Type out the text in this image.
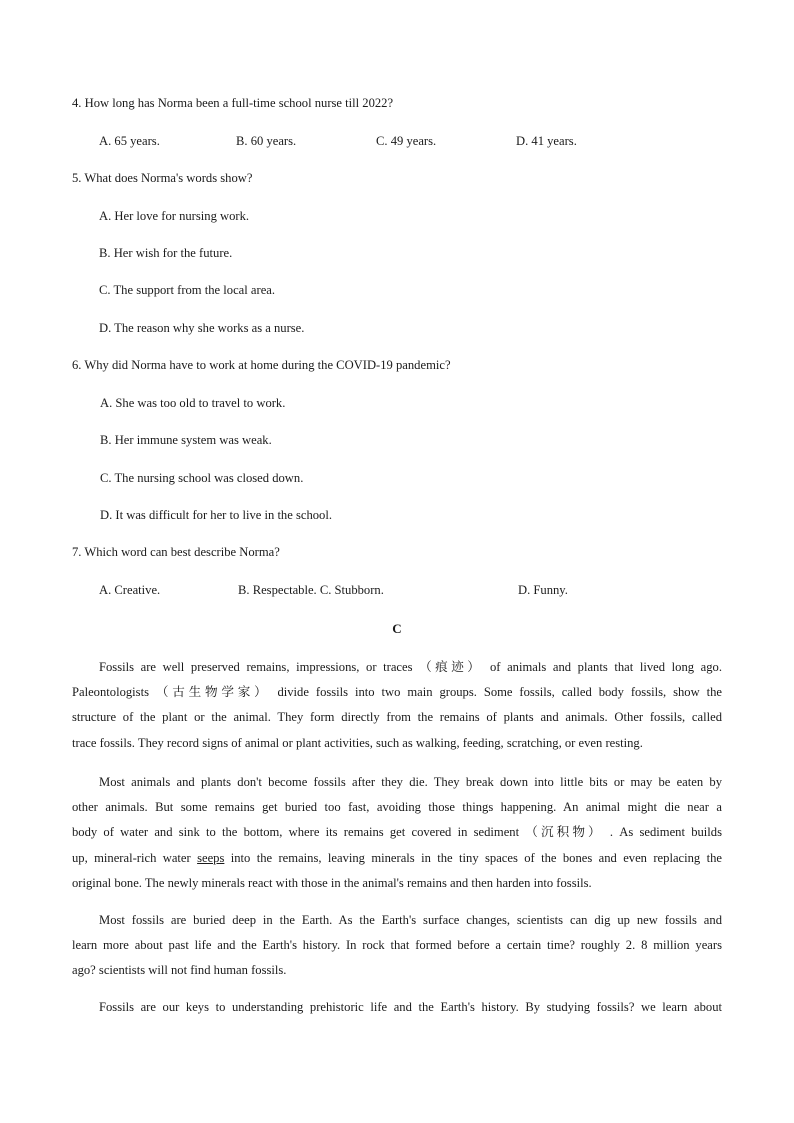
4. How long has Norma been a full-time school nurse till 2022?
A. 65 years.	B. 60 years.	C. 49 years.	D. 41 years.
5. What does Norma's words show?
A. Her love for nursing work.
B. Her wish for the future.
C. The support from the local area.
D. The reason why she works as a nurse.
6. Why did Norma have to work at home during the COVID-19 pandemic?
A. She was too old to travel to work.
B. Her immune system was weak.
C. The nursing school was closed down.
D. It was difficult for her to live in the school.
7. Which word can best describe Norma?
A. Creative.	B. Respectable. C. Stubborn.	D. Funny.
C
Fossils are well preserved remains, impressions, or traces （痕迹） of animals and plants that lived long ago.
Paleontologists （古生物学家） divide fossils into two main groups. Some fossils, called body fossils, show the
structure of the plant or the animal. They form directly from the remains of plants and animals. Other fossils, called
trace fossils. They record signs of animal or plant activities, such as walking, feeding, scratching, or even resting.
Most animals and plants don't become fossils after they die. They break down into little bits or may be eaten by
other animals. But some remains get buried too fast, avoiding those things happening. An animal might die near a
body of water and sink to the bottom, where its remains get covered in sediment （沉积物） . As sediment builds
up, mineral-rich water seeps into the remains, leaving minerals in the tiny spaces of the bones and even replacing the
original bone. The newly minerals react with those in the animal's remains and then harden into fossils.
Most fossils are buried deep in the Earth. As the Earth's surface changes, scientists can dig up new fossils and
learn more about past life and the Earth's history. In rock that formed before a certain time? roughly 2. 8 million years
ago? scientists will not find human fossils.
Fossils are our keys to understanding prehistoric life and the Earth's history. By studying fossils? we learn about
